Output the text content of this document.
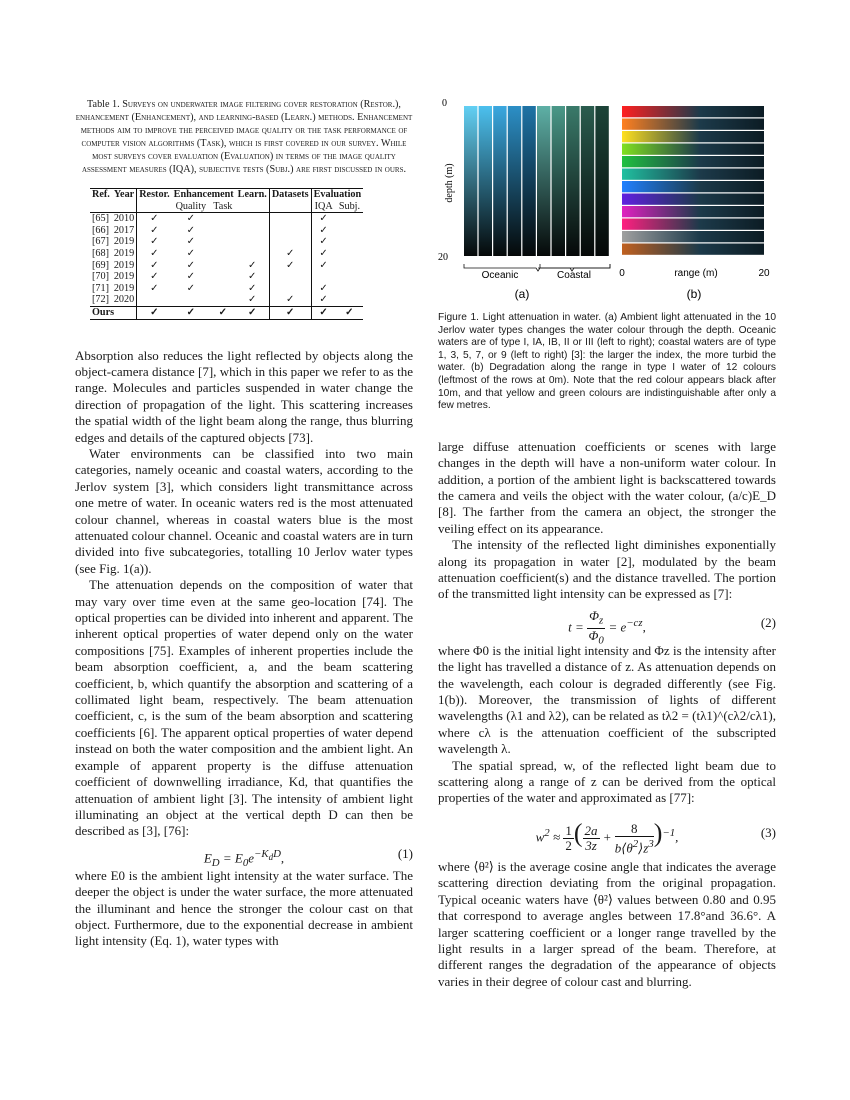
Table 1. Surveys on underwater image filtering cover restoration (Restor.), enhancement (Enhancement), and learning-based (Learn.) methods. Enhancement methods aim to improve the perceived image quality or the task performance of computer vision algorithms (Task), which is first covered in our survey. While most surveys cover evaluation (Evaluation) in terms of the image quality assessment measures (IQA), subjective tests (Subj.) are first discussed in ours.

Ref.	Year	Restor.	Enhancement		Learn.	Datasets	Evaluation	
			Quality	Task			IQA	Subj.
[65]	2010	✓	✓				✓	
[66]	2017	✓	✓				✓	
[67]	2019	✓	✓				✓	
[68]	2019	✓	✓			✓	✓	
[69]	2019	✓	✓		✓	✓	✓	
[70]	2019	✓	✓		✓			
[71]	2019	✓	✓		✓		✓	
[72]	2020				✓	✓	✓	
Ours		✓	✓	✓	✓	✓	✓	✓

Absorption also reduces the light reflected by objects along the object-camera distance [7], which in this paper we refer to as the range. Molecules and particles suspended in water change the direction of propagation of the light. This scattering increases the spatial width of the light beam along the range, thus blurring edges and details of the captured objects [73].

Water environments can be classified into two main categories, namely oceanic and coastal waters, according to the Jerlov system [3], which considers light transmittance across one metre of water. In oceanic waters red is the most attenuated colour channel, whereas in coastal waters blue is the most attenuated colour channel. Oceanic and coastal waters are in turn divided into five subcategories, totalling 10 Jerlov water types (see Fig. 1(a)).

The attenuation depends on the composition of water that may vary over time even at the same geo-location [74]. The optical properties can be divided into inherent and apparent. The inherent optical properties of water depend only on the water compositions [75]. Examples of inherent properties include the beam absorption coefficient, a, and the beam scattering coefficient, b, which quantify the absorption and scattering of a collimated light beam, respectively. The beam attenuation coefficient, c, is the sum of the beam absorption and scattering coefficients [6]. The apparent optical properties of water depend instead on both the water composition and the ambient light. An example of apparent property is the diffuse attenuation coefficient of downwelling irradiance, Kd, that quantifies the attenuation of ambient light [3]. The intensity of ambient light illuminating an object at the vertical depth D can then be described as [3], [76]:

$E_D = E_0e^{-K_dD}$,	(1)

where E0 is the ambient light intensity at the water surface. The deeper the object is under the water surface, the more attenuated the illuminant and hence the stronger the colour cast on that object. Furthermore, due to the exponential decrease in ambient light intensity (Eq. 1), water types with

0
20
depth (m)
Oceanic	Coastal
(a)
0	range (m)	20
(b)

Figure 1. Light attenuation in water. (a) Ambient light attenuated in the 10 Jerlov water types changes the water colour through the depth. Oceanic waters are of type I, IA, IB, II or III (left to right); coastal waters are of type 1, 3, 5, 7, or 9 (left to right) [3]: the larger the index, the more turbid the water. (b) Degradation along the range in type I water of 12 colours (leftmost of the rows at 0m). Note that the red colour appears black after 10m, and that yellow and green colours are indistinguishable after only a few metres.

large diffuse attenuation coefficients or scenes with large changes in the depth will have a non-uniform water colour. In addition, a portion of the ambient light is backscattered towards the camera and veils the object with the water colour, (a/c)E_D [8]. The farther from the camera an object, the stronger the veiling effect on its appearance.

The intensity of the reflected light diminishes exponentially along its propagation in water [2], modulated by the beam attenuation coefficient(s) and the distance travelled. The portion of the transmitted light intensity can be expressed as [7]:

$t = \frac{\Phi_z}{\Phi_0} = e^{-cz}$,	(2)

where Φ0 is the initial light intensity and Φz is the intensity after the light has travelled a distance of z. As attenuation depends on the wavelength, each colour is degraded differently (see Fig. 1(b)). Moreover, the transmission of lights of different wavelengths (λ1 and λ2), can be related as tλ2 = (tλ1)^(cλ2/cλ1), where cλ is the attenuation coefficient of the subscripted wavelength λ.

The spatial spread, w, of the reflected light beam due to scattering along a range of z can be derived from the optical properties of the water and approximated as [77]:

$w^2 \approx \frac{1}{2}$ ( $\frac{2a}{3z} + \frac{8}{b⟨\theta^2⟩z^3} )^{-1}$,	(3)

where ⟨θ²⟩ is the average cosine angle that indicates the average scattering direction deviating from the original propagation. Typical oceanic waters have ⟨θ²⟩ values between 0.80 and 0.95 that correspond to average angles between 17.8°and 36.6°. A larger scattering coefficient or a longer range travelled by the light results in a larger spread of the beam. Therefore, at different ranges the degradation of the appearance of objects varies in their degree of colour cast and blurring.
